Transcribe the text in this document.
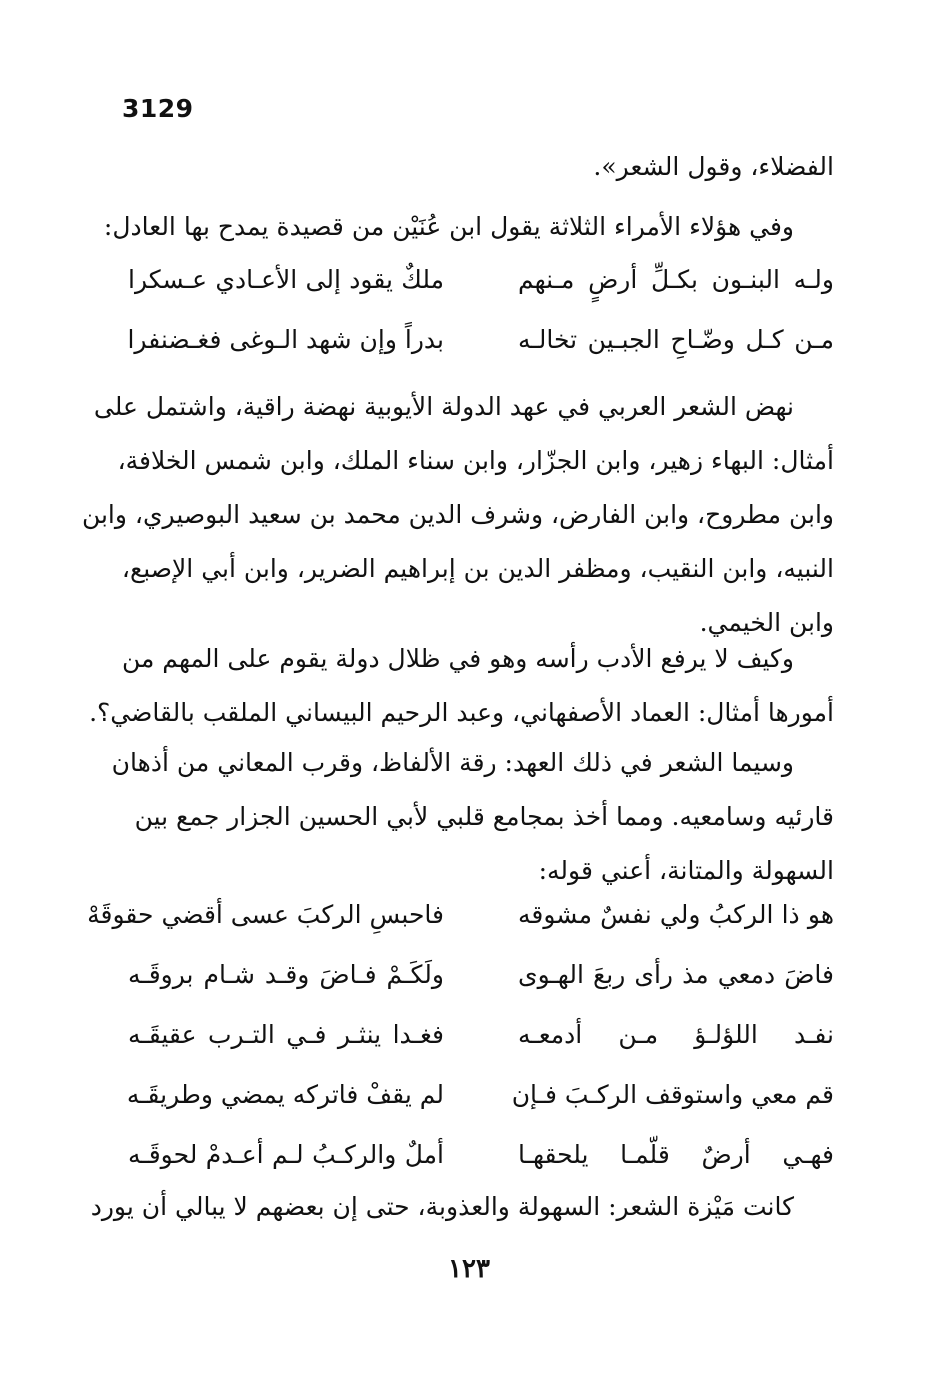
3129
الفضلاء، وقول الشعر».
وفي هؤلاء الأمراء الثلاثة يقول ابن عُنَيْن من قصيدة يمدح بها العادل:
ولـه البنـون بكـلِّ أرضٍ مـنهم
ملكٌ يقود إلى الأعـادي عـسكرا
مـن كـل وضّـاحِ الجبـين تخالـه
بدراً وإن شهد الـوغى فغـضنفرا
نهض الشعر العربي في عهد الدولة الأيوبية نهضة راقية، واشتمل على
أمثال: البهاء زهير، وابن الجزّار، وابن سناء الملك، وابن شمس الخلافة،
وابن مطروح، وابن الفارض، وشرف الدين محمد بن سعيد البوصيري، وابن
النبيه، وابن النقيب، ومظفر الدين بن إبراهيم الضرير، وابن أبي الإصبع،
وابن الخيمي.
وكيف لا يرفع الأدب رأسه وهو في ظلال دولة يقوم على المهم من
أمورها أمثال: العماد الأصفهاني، وعبد الرحيم البيساني الملقب بالقاضي؟.
وسيما الشعر في ذلك العهد: رقة الألفاظ، وقرب المعاني من أذهان
قارئيه وسامعيه. ومما أخذ بمجامع قلبي لأبي الحسين الجزار جمع بين
السهولة والمتانة، أعني قوله:
هو ذا الركبُ ولي نفسٌ مشوقه
فاحبسِ الركبَ عسى أقضي حقوقَهْ
فاضَ دمعي مذ رأى ربعَ الهـوى
ولَكَـمْ فـاضَ وقـد شـام بروقَـه
نفـد اللؤلـؤ مـن أدمعـه
فغـدا ينثـر فـي التـرب عقيقَـه
قم معي واستوقف الركـبَ فـإن
لم يقفْ فاتركه يمضي وطريقَـه
فهـي أرضٌ قلّمـا يلحقهـا
أملٌ والركـبُ لـم أعـدمْ لحوقَـه
كانت مَيْزة الشعر: السهولة والعذوبة، حتى إن بعضهم لا يبالي أن يورد
١٢٣
